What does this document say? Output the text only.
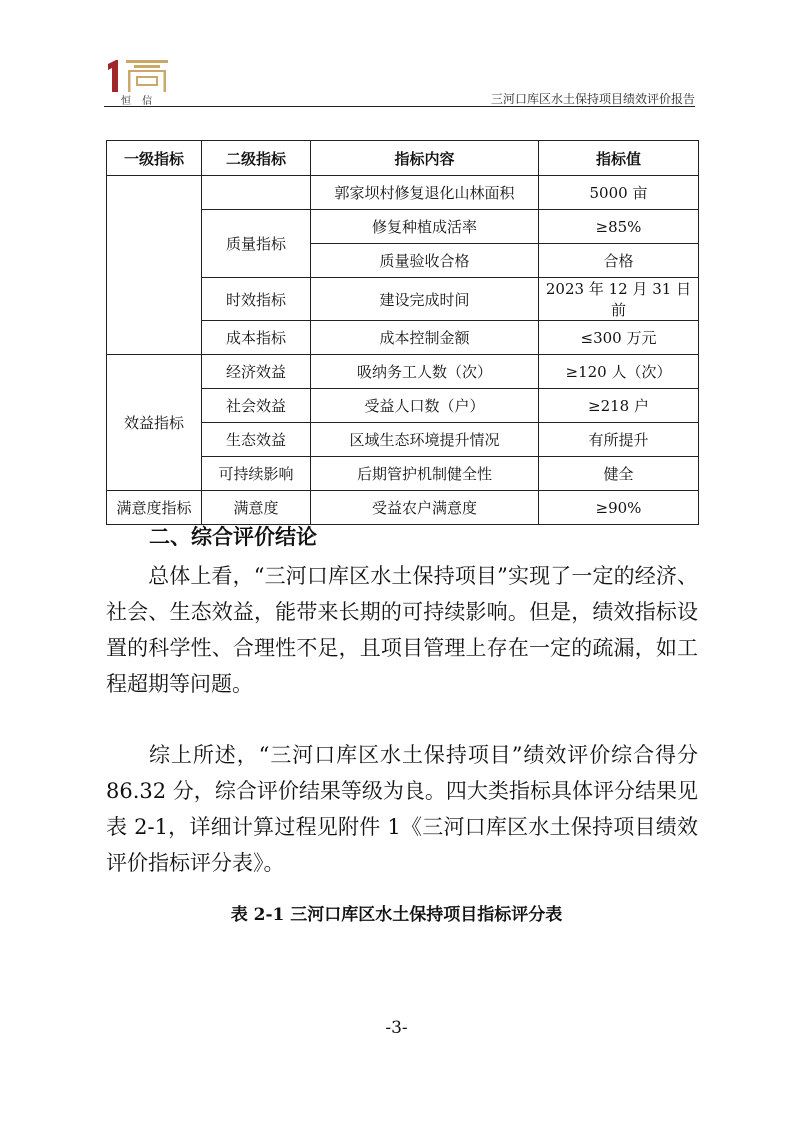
恒 信	三河口库区水土保持项目绩效评价报告
一级指标	二级指标	指标内容	指标值
		郭家坝村修复退化山林面积	5000 亩
	质量指标	修复种植成活率	≥85%
		质量验收合格	合格
	时效指标	建设完成时间	2023 年 12 月 31 日前
	成本指标	成本控制金额	≤300 万元
效益指标	经济效益	吸纳务工人数（次）	≥120 人（次）
	社会效益	受益人口数（户）	≥218 户
	生态效益	区域生态环境提升情况	有所提升
	可持续影响	后期管护机制健全性	健全
满意度指标	满意度	受益农户满意度	≥90%
二、综合评价结论
总体上看，“三河口库区水土保持项目”实现了一定的经济、社会、生态效益，能带来长期的可持续影响。但是，绩效指标设置的科学性、合理性不足，且项目管理上存在一定的疏漏，如工程超期等问题。
综上所述，“三河口库区水土保持项目”绩效评价综合得分 86.32 分，综合评价结果等级为良。四大类指标具体评分结果见表 2-1，详细计算过程见附件 1《三河口库区水土保持项目绩效评价指标评分表》。
表 2-1 三河口库区水土保持项目指标评分表
-3-
